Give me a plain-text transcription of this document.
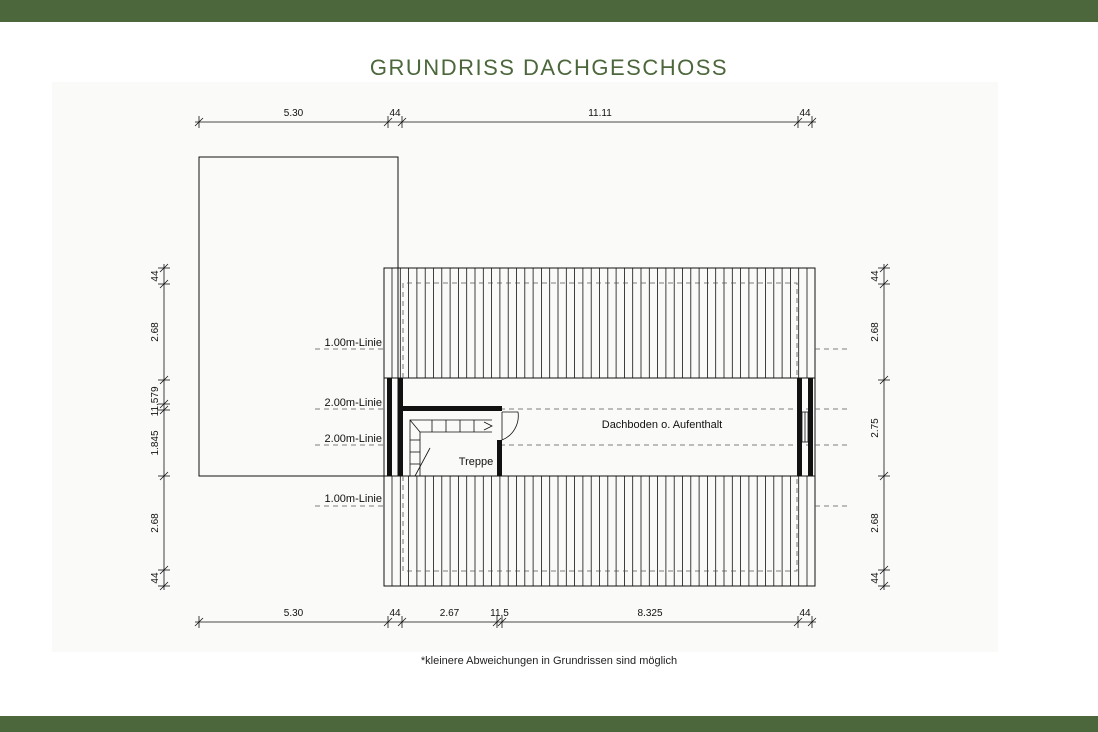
GRUNDRISS DACHGESCHOSS
Dachboden o. Aufenthalt
Treppe
1.00m-Linie
2.00m-Linie
2.00m-Linie
1.00m-Linie
5.30	44	11.11	44
5.30	44	2.67	11.5	8.325	44
44
2.68
79
11.5
1.845
2.68
44
44
2.68
2.75
2.68
44
*kleinere Abweichungen in Grundrissen sind möglich
